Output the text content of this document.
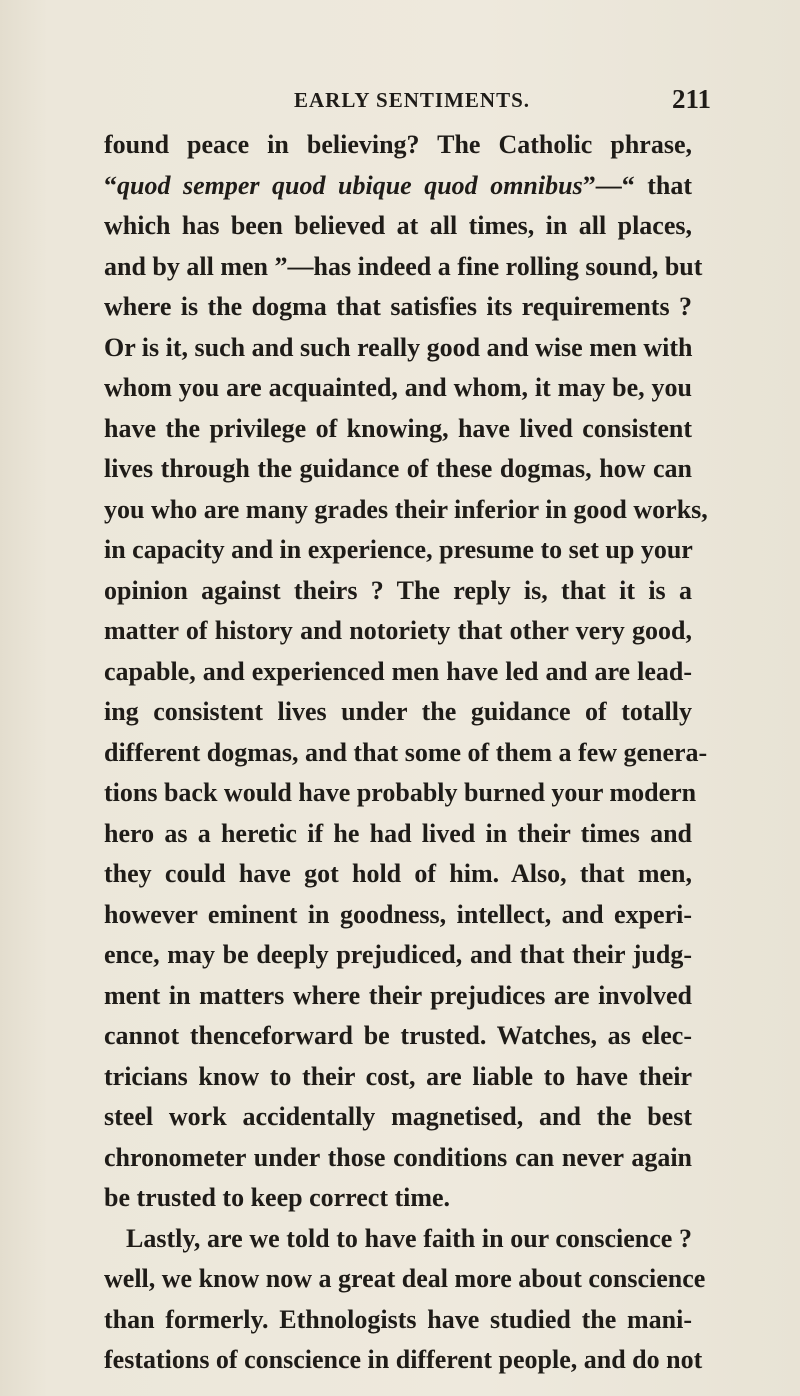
EARLY SENTIMENTS.	211
found peace in believing? The Catholic phrase,
“quod semper quod ubique quod omnibus”—“ that
which has been believed at all times, in all places,
and by all men ”—has indeed a fine rolling sound, but
where is the dogma that satisfies its requirements ?
Or is it, such and such really good and wise men with
whom you are acquainted, and whom, it may be, you
have the privilege of knowing, have lived consistent
lives through the guidance of these dogmas, how can
you who are many grades their inferior in good works,
in capacity and in experience, presume to set up your
opinion against theirs ? The reply is, that it is a
matter of history and notoriety that other very good,
capable, and experienced men have led and are lead-
ing consistent lives under the guidance of totally
different dogmas, and that some of them a few genera-
tions back would have probably burned your modern
hero as a heretic if he had lived in their times and
they could have got hold of him. Also, that men,
however eminent in goodness, intellect, and experi-
ence, may be deeply prejudiced, and that their judg-
ment in matters where their prejudices are involved
cannot thenceforward be trusted. Watches, as elec-
tricians know to their cost, are liable to have their
steel work accidentally magnetised, and the best
chronometer under those conditions can never again
be trusted to keep correct time.
Lastly, are we told to have faith in our conscience ?
well, we know now a great deal more about conscience
than formerly. Ethnologists have studied the mani-
festations of conscience in different people, and do not
